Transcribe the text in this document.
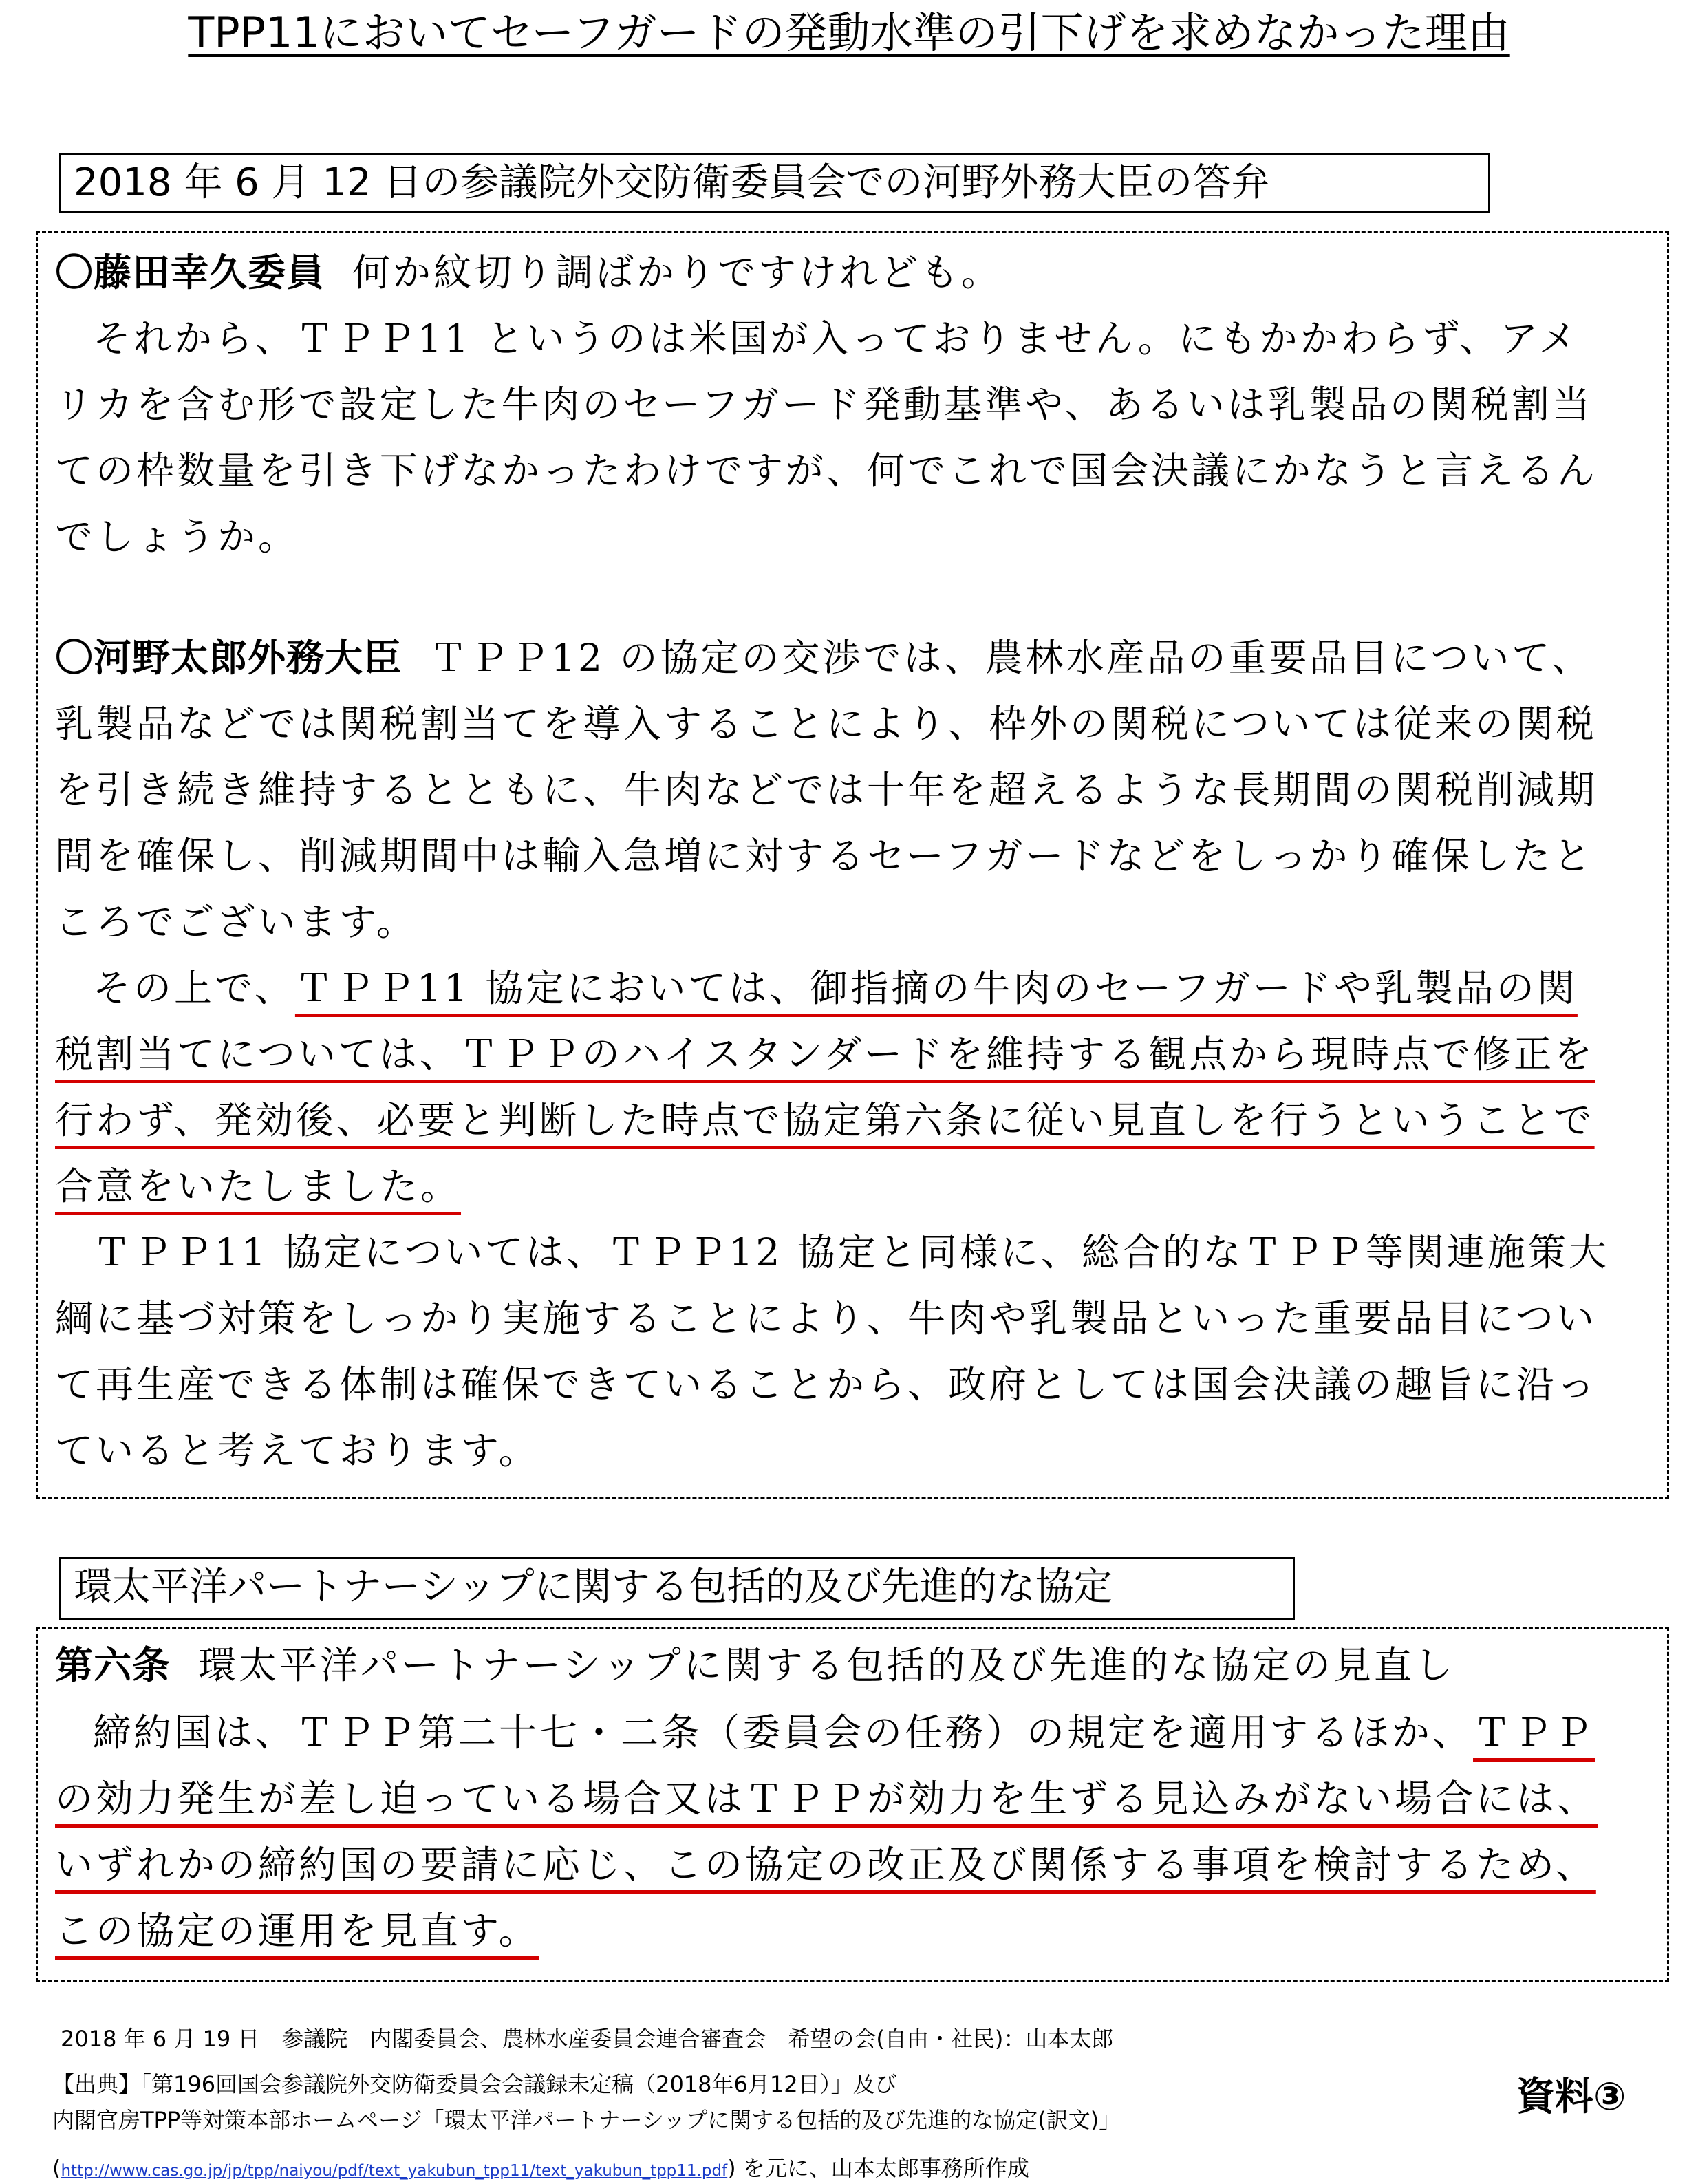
TPP11においてセーフガードの発動水準の引下げを求めなかった理由
2018 年 6 月 12 日の参議院外交防衛委員会での河野外務大臣の答弁
〇藤田幸久委員 何か紋切り調ばかりですけれども。
それから、ＴＰＰ11 というのは米国が入っておりません。にもかかわらず、アメ
リカを含む形で設定した牛肉のセーフガード発動基準や、あるいは乳製品の関税割当
ての枠数量を引き下げなかったわけですが、何でこれで国会決議にかなうと言えるん
でしょうか。
〇河野太郎外務大臣 ＴＰＰ12 の協定の交渉では、農林水産品の重要品目について、
乳製品などでは関税割当てを導入することにより、枠外の関税については従来の関税
を引き続き維持するとともに、牛肉などでは十年を超えるような長期間の関税削減期
間を確保し、削減期間中は輸入急増に対するセーフガードなどをしっかり確保したと
ころでございます。
その上で、ＴＰＰ11 協定においては、御指摘の牛肉のセーフガードや乳製品の関
税割当てについては、ＴＰＰのハイスタンダードを維持する観点から現時点で修正を
行わず、発効後、必要と判断した時点で協定第六条に従い見直しを行うということで
合意をいたしました。
ＴＰＰ11 協定については、ＴＰＰ12 協定と同様に、総合的なＴＰＰ等関連施策大
綱に基づ対策をしっかり実施することにより、牛肉や乳製品といった重要品目につい
て再生産できる体制は確保できていることから、政府としては国会決議の趣旨に沿っ
ていると考えております。
環太平洋パートナーシップに関する包括的及び先進的な協定
第六条 環太平洋パートナーシップに関する包括的及び先進的な協定の見直し
締約国は、ＴＰＰ第二十七・二条（委員会の任務）の規定を適用するほか、ＴＰＰ
の効力発生が差し迫っている場合又はＴＰＰが効力を生ずる見込みがない場合には、
いずれかの締約国の要請に応じ、この協定の改正及び関係する事項を検討するため、
この協定の運用を見直す。
2018 年 6 月 19 日　参議院　内閣委員会、農林水産委員会連合審査会　希望の会(自由・社民)：山本太郎
【出典】「第196回国会参議院外交防衛委員会会議録未定稿（2018年6月12日）」及び
内閣官房TPP等対策本部ホームページ「環太平洋パートナーシップに関する包括的及び先進的な協定(訳文)」
(http://www.cas.go.jp/jp/tpp/naiyou/pdf/text_yakubun_tpp11/text_yakubun_tpp11.pdf) を元に、山本太郎事務所作成
資料③
